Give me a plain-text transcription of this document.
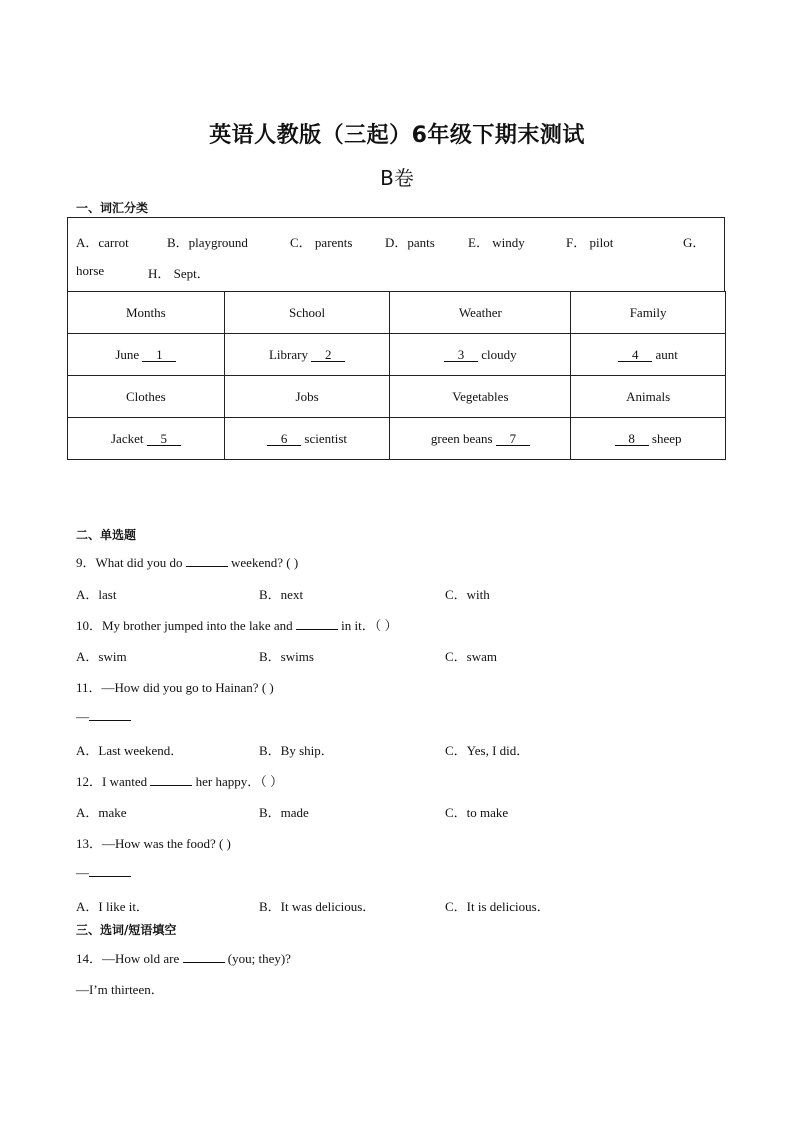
英语人教版（三起）6年级下期末测试
B卷
一、词汇分类
A．carrot	B．playground	C． parents	D．pants	E． windy	F． pilot	G．
horse	H． Sept．
Months	School	Weather	Family
June 1	Library 2	3 cloudy	4 aunt
Clothes	Jobs	Vegetables	Animals
Jacket 5	6 scientist	green beans 7	8 sheep
二、单选题
9．What did you do	weekend? ( )
A．last	B．next	C．with
10．My brother jumped into the lake and	in it．（ ）
A．swim	B．swims	C．swam
11．—How did you go to Hainan? ( )
—
A．Last weekend．	B．By ship．	C．Yes, I did．
12．I wanted	her happy．（ ）
A．make	B．made	C．to make
13．—How was the food? ( )
—
A．I like it．	B．It was delicious．	C．It is delicious．
三、选词/短语填空
14．—How old are	(you; they)?
—I’m thirteen．
